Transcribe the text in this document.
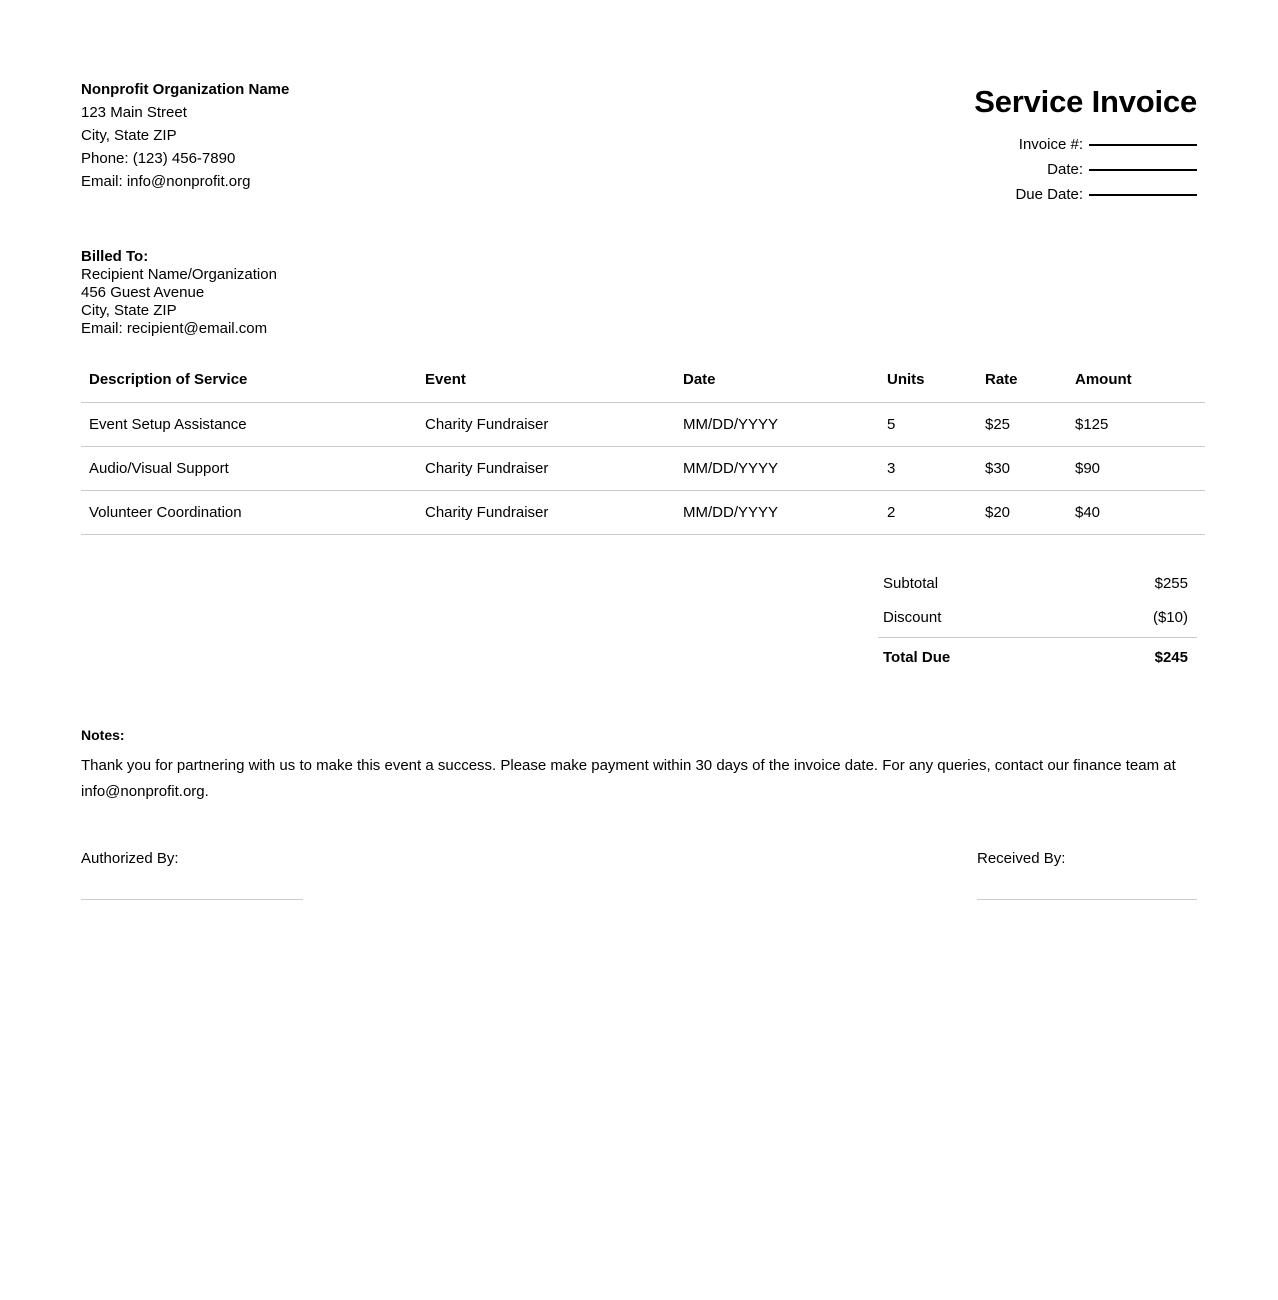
Nonprofit Organization Name
123 Main Street
City, State ZIP
Phone: (123) 456-7890
Email: info@nonprofit.org
Service Invoice
Invoice #:
Date:
Due Date:
Billed To:
Recipient Name/Organization
456 Guest Avenue
City, State ZIP
Email: recipient@email.com
Description of Service	Event	Date	Units	Rate	Amount
Event Setup Assistance	Charity Fundraiser	MM/DD/YYYY	5	$25	$125
Audio/Visual Support	Charity Fundraiser	MM/DD/YYYY	3	$30	$90
Volunteer Coordination	Charity Fundraiser	MM/DD/YYYY	2	$20	$40
Subtotal	$255
Discount	($10)
Total Due	$245
Notes:
Thank you for partnering with us to make this event a success. Please make payment within 30 days of the invoice date. For any queries, contact our finance team at info@nonprofit.org.
Authorized By:	Received By:
